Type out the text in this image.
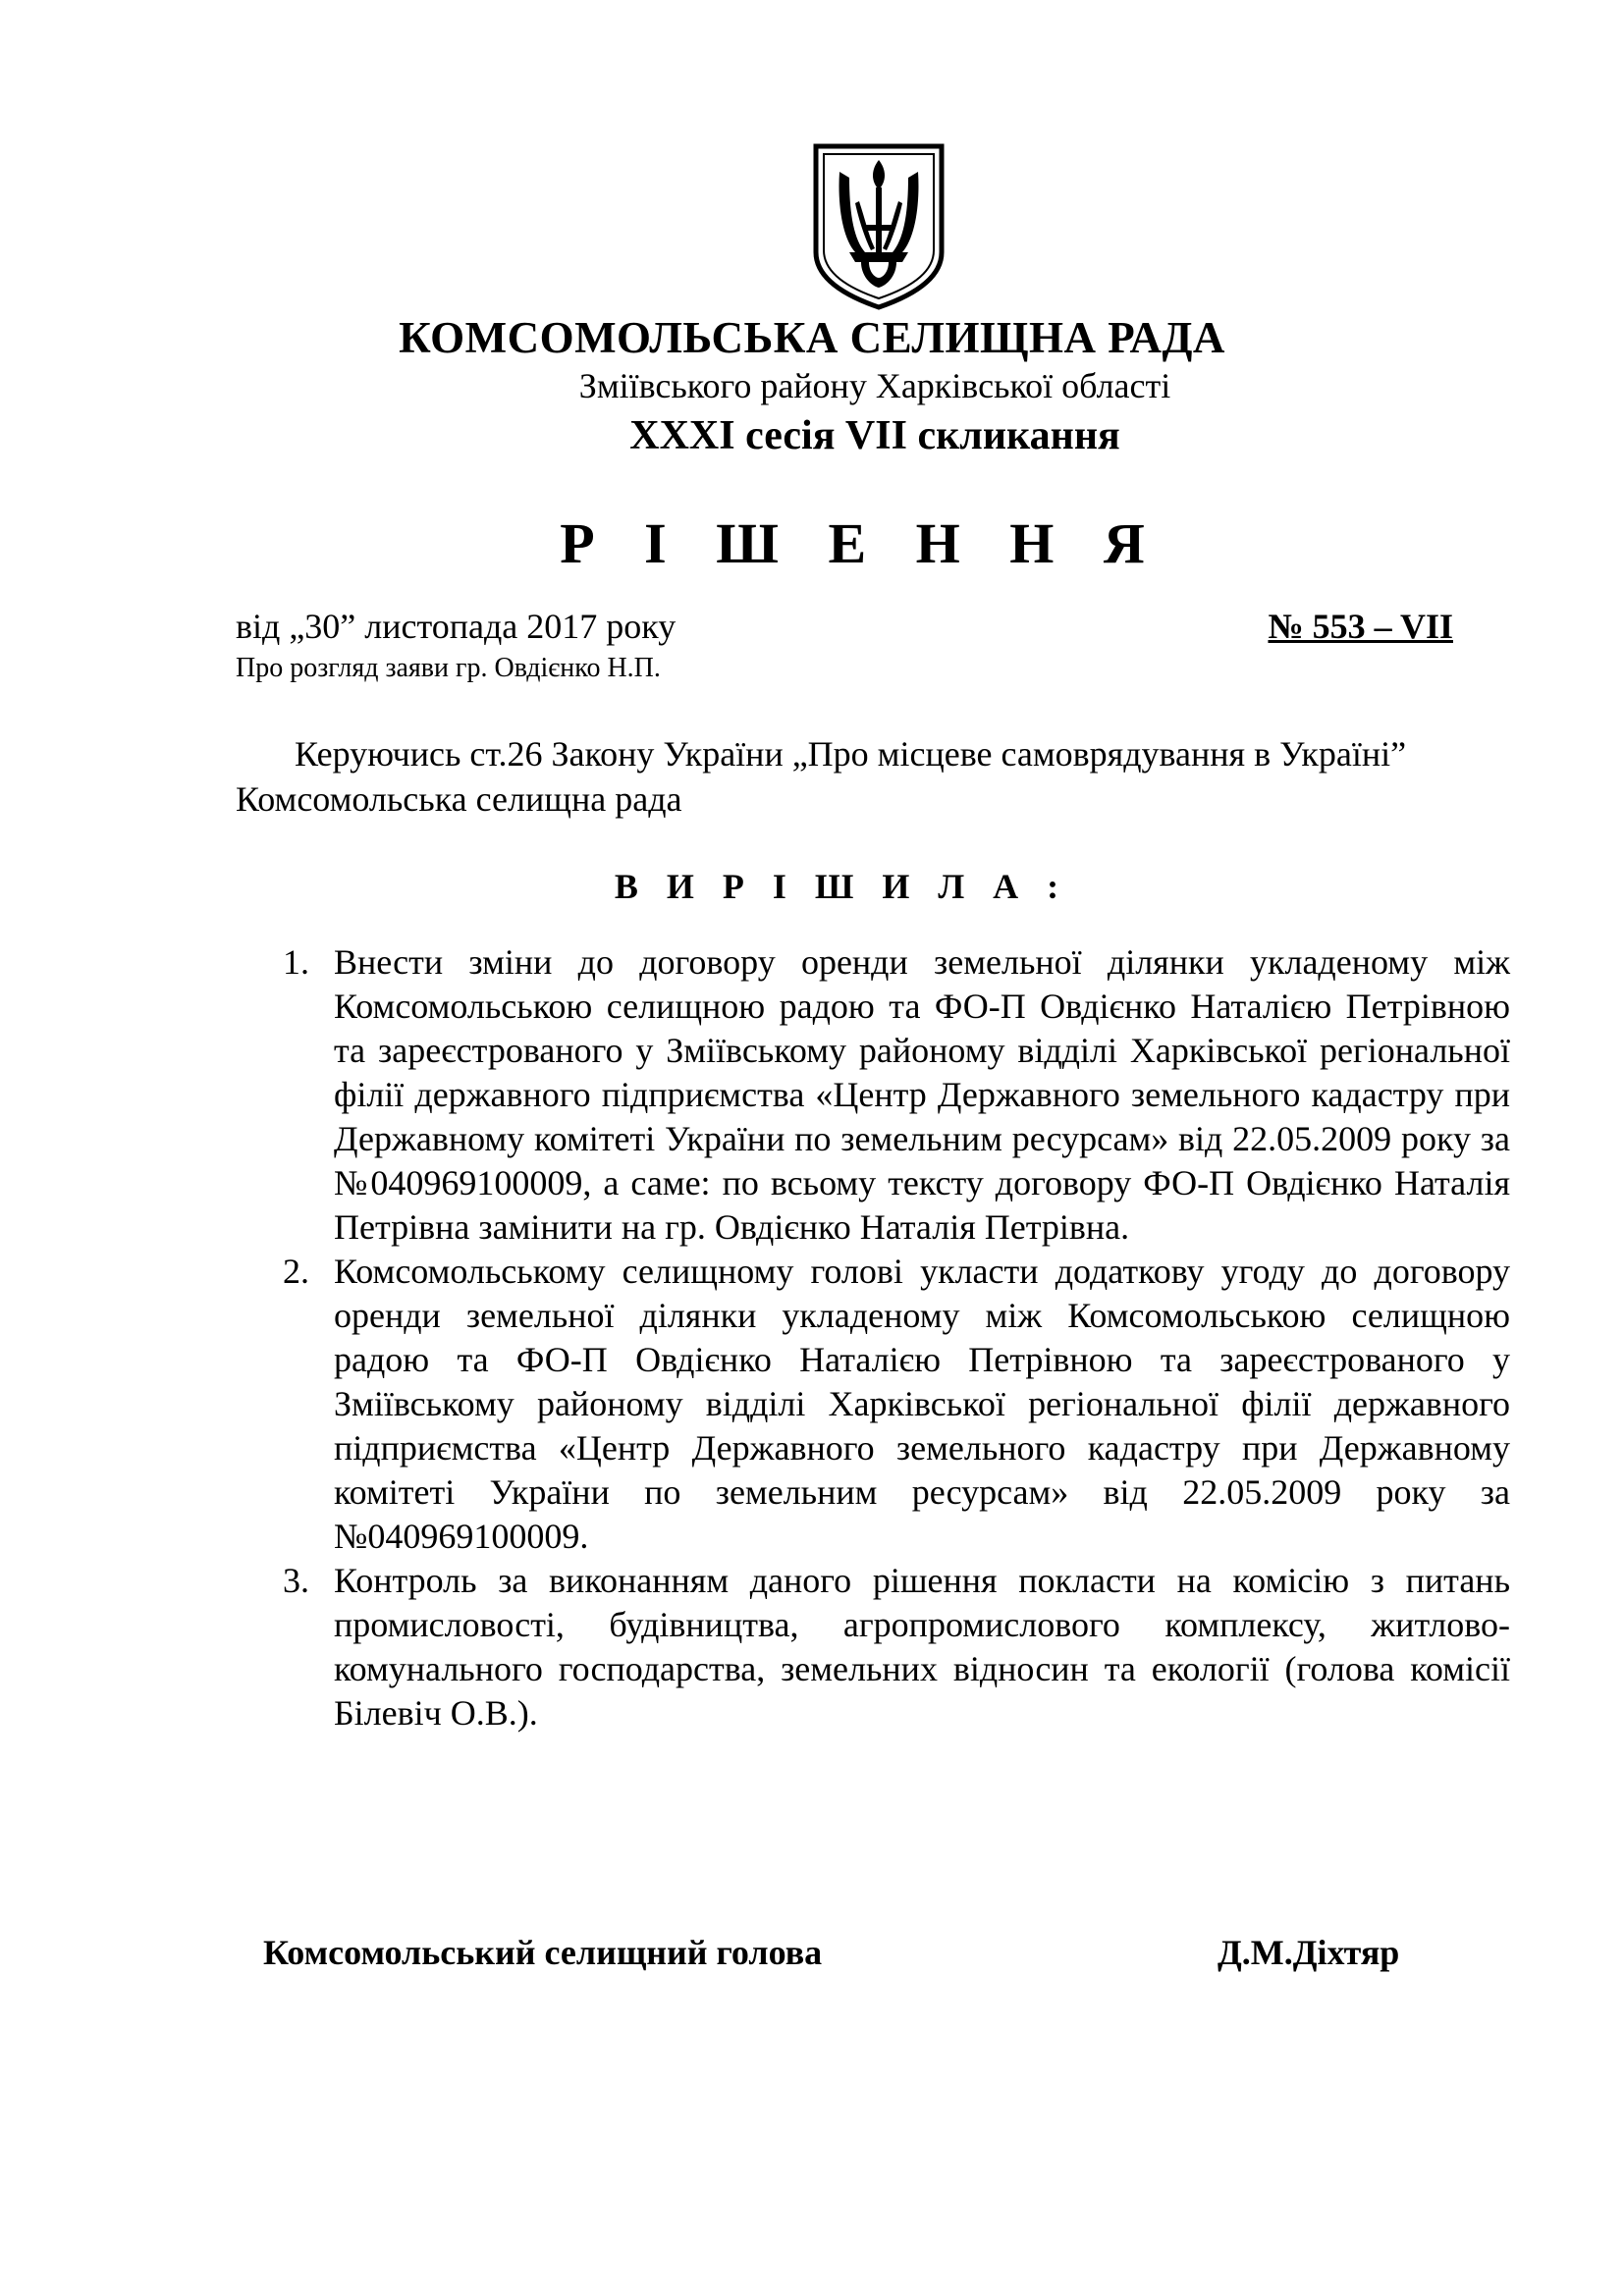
КОМСОМОЛЬСЬКА СЕЛИЩНА РАДА
Зміївського району Харківської області
ХХХІ сесія VІІ скликання
Р І Ш Е Н Н Я
від „30” листопада 2017 року	№ 553 – VII
Про розгляд заяви гр. Овдієнко Н.П.
Керуючись ст.26 Закону України „Про місцеве самоврядування в Україні” Комсомольська селищна рада
В И Р І Ш И Л А :
1. Внести зміни до договору оренди земельної ділянки укладеному між Комсомольською селищною радою та ФО-П Овдієнко Наталією Петрівною та зареєстрованого у Зміївському районому відділі Харківської регіональної філії державного підприємства «Центр Державного земельного кадастру при Державному комітеті України по земельним ресурсам» від 22.05.2009 року за №040969100009, а саме: по всьому тексту договору ФО-П Овдієнко Наталія Петрівна замінити на гр. Овдієнко Наталія Петрівна.
2. Комсомольському селищному голові укласти додаткову угоду до договору оренди земельної ділянки укладеному між Комсомольською селищною радою та ФО-П Овдієнко Наталією Петрівною та зареєстрованого у Зміївському районому відділі Харківської регіональної філії державного підприємства «Центр Державного земельного кадастру при Державному комітеті України по земельним ресурсам» від 22.05.2009 року за №040969100009.
3. Контроль за виконанням даного рішення покласти на комісію з питань промисловості, будівництва, агропромислового комплексу, житлово-комунального господарства, земельних відносин та екології (голова комісії Білевіч О.В.).
Комсомольський селищний голова	Д.М.Діхтяр
